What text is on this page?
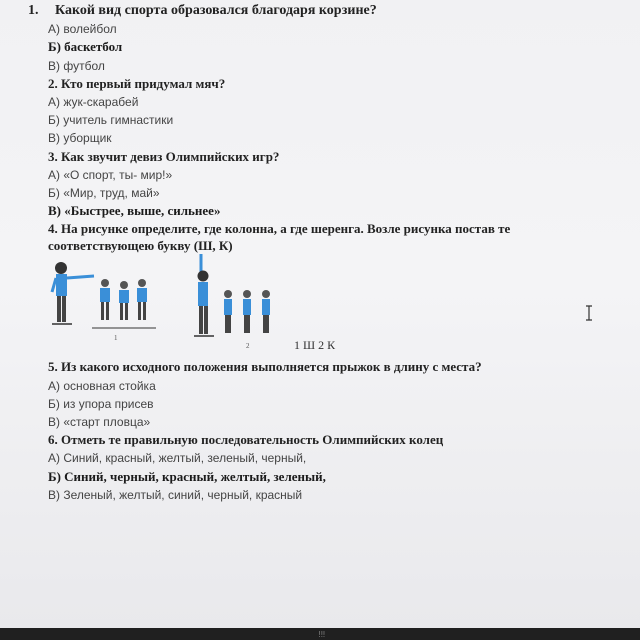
1. Какой вид спорта образовался благодаря корзине?
А) волейбол
Б) баскетбол
В) футбол
2. Кто первый придумал мяч?
А) жук-скарабей
Б) учитель гимнастики
В) уборщик
3. Как звучит девиз Олимпийских игр?
А) «О спорт, ты- мир!»
Б) «Мир, труд, май»
В) «Быстрее, выше, сильнее»
4. На рисунке определите, где колонна, а где шеренга. Возле рисунка постав те соответствующею букву (Ш, К)
1
2	1 Ш 2 К
5. Из какого исходного положения выполняется прыжок в длину с места?
А) основная стойка
Б) из упора присев
В) «старт пловца»
6. Отметь те правильную последовательность Олимпийских колец
А) Синий, красный, желтый, зеленый, черный,
Б) Синий, черный, красный, желтый, зеленый,
В) Зеленый, желтый, синий, черный, красный
!!!
